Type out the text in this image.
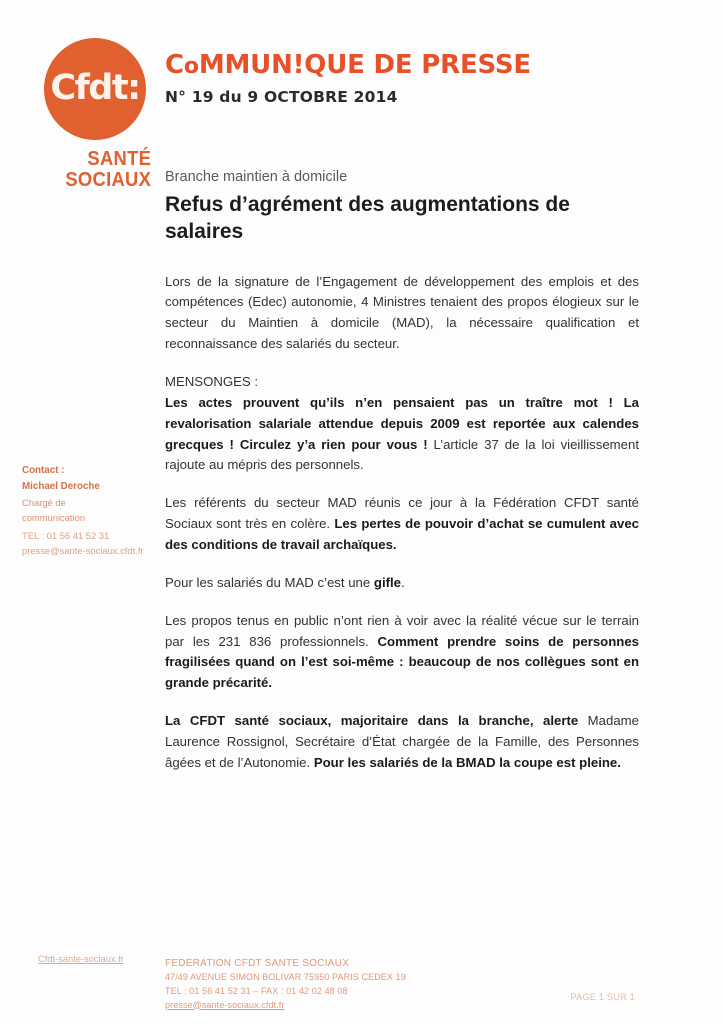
Cfdt:
SANTÉ
SOCIAUX
CoMMUN!QUE DE PRESSE
N° 19 du 9 OCTOBRE 2014
Branche maintien à domicile
Refus d’agrément des augmentations de salaires

Lors de la signature de l’Engagement de développement des emplois et des compétences (Edec) autonomie, 4 Ministres tenaient des propos élogieux sur le secteur du Maintien à domicile (MAD), la nécessaire qualification et reconnaissance des salariés du secteur.

MENSONGES :
Les actes prouvent qu’ils n’en pensaient pas un traître mot ! La revalorisation salariale attendue depuis 2009 est reportée aux calendes grecques ! Circulez y’a rien pour vous ! L’article 37 de la loi vieillissement rajoute au mépris des personnels.

Les référents du secteur MAD réunis ce jour à la Fédération CFDT santé Sociaux sont très en colère. Les pertes de pouvoir d’achat se cumulent avec des conditions de travail archaïques.

Pour les salariés du MAD c’est une gifle.

Les propos tenus en public n’ont rien à voir avec la réalité vécue sur le terrain par les 231 836 professionnels. Comment prendre soins de personnes fragilisées quand on l’est soi-même : beaucoup de nos collègues sont en grande précarité.

La CFDT santé sociaux, majoritaire dans la branche, alerte Madame Laurence Rossignol, Secrétaire d’État chargée de la Famille, des Personnes âgées et de l’Autonomie. Pour les salariés de la BMAD la coupe est pleine.

Contact :
Michael Deroche
Chargé de
communication
TEL : 01 56 41 52 31
presse@sante-sociaux.cfdt.fr
Cfdt-sante-sociaux.fr	FEDERATION CFDT SANTE SOCIAUX
47/49 AVENUE SIMON BOLIVAR 75950 PARIS CEDEX 19
TEL : 01 56 41 52 31 – FAX : 01 42 02 48 08
presse@sante-sociaux.cfdt.fr
PAGE 1 SUR 1
